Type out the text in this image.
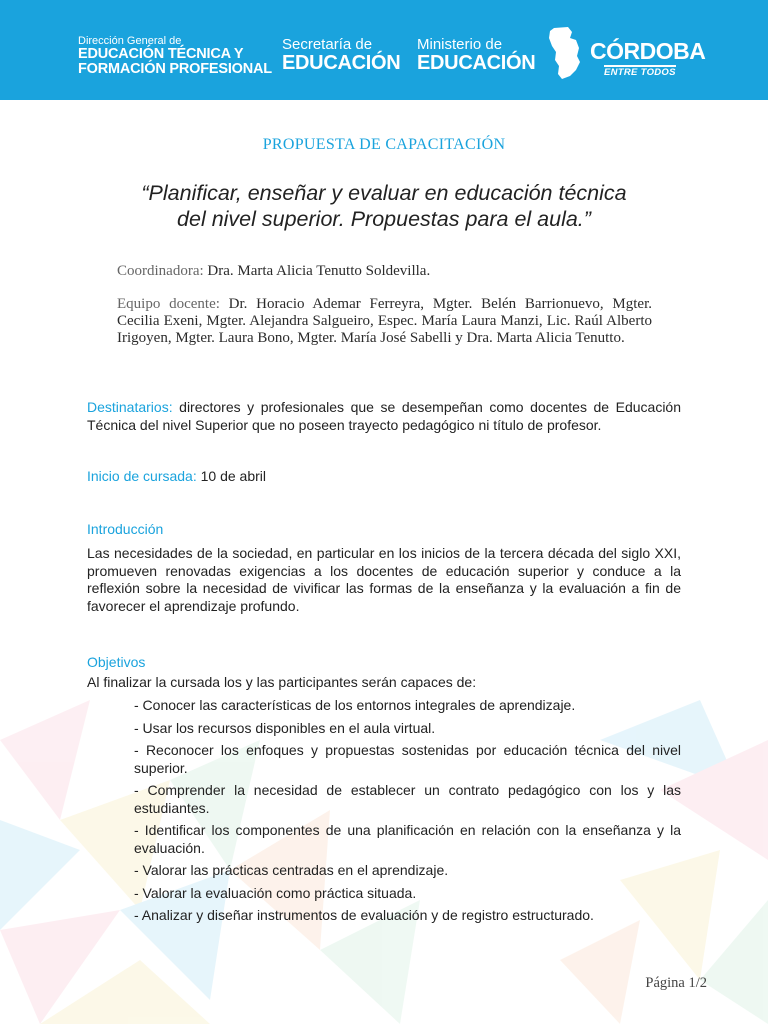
Dirección General de
EDUCACIÓN TÉCNICA Y
FORMACIÓN PROFESIONAL
Secretaría de
EDUCACIÓN
Ministerio de
EDUCACIÓN CÓRDOBA
ENTRE TODOS
PROPUESTA DE CAPACITACIÓN
“Planificar, enseñar y evaluar en educación técnica
del nivel superior. Propuestas para el aula.”
Coordinadora: Dra. Marta Alicia Tenutto Soldevilla.
Equipo docente: Dr. Horacio Ademar Ferreyra, Mgter. Belén Barrionuevo, Mgter. Cecilia Exeni, Mgter. Alejandra Salgueiro, Espec. María Laura Manzi, Lic. Raúl Alberto Irigoyen, Mgter. Laura Bono, Mgter. María José Sabelli y Dra. Marta Alicia Tenutto.
Destinatarios: directores y profesionales que se desempeñan como docentes de Educación Técnica del nivel Superior que no poseen trayecto pedagógico ni título de profesor.
Inicio de cursada: 10 de abril
Introducción
Las necesidades de la sociedad, en particular en los inicios de la tercera década del siglo XXI, promueven renovadas exigencias a los docentes de educación superior y conduce a la reflexión sobre la necesidad de vivificar las formas de la enseñanza y la evaluación a fin de favorecer el aprendizaje profundo.
Objetivos
Al finalizar la cursada los y las participantes serán capaces de:
- Conocer las características de los entornos integrales de aprendizaje.
- Usar los recursos disponibles en el aula virtual.
- Reconocer los enfoques y propuestas sostenidas por educación técnica del nivel superior.
- Comprender la necesidad de establecer un contrato pedagógico con los y las estudiantes.
- Identificar los componentes de una planificación en relación con la enseñanza y la evaluación.
- Valorar las prácticas centradas en el aprendizaje.
- Valorar la evaluación como práctica situada.
- Analizar y diseñar instrumentos de evaluación y de registro estructurado.
Página 1/2
